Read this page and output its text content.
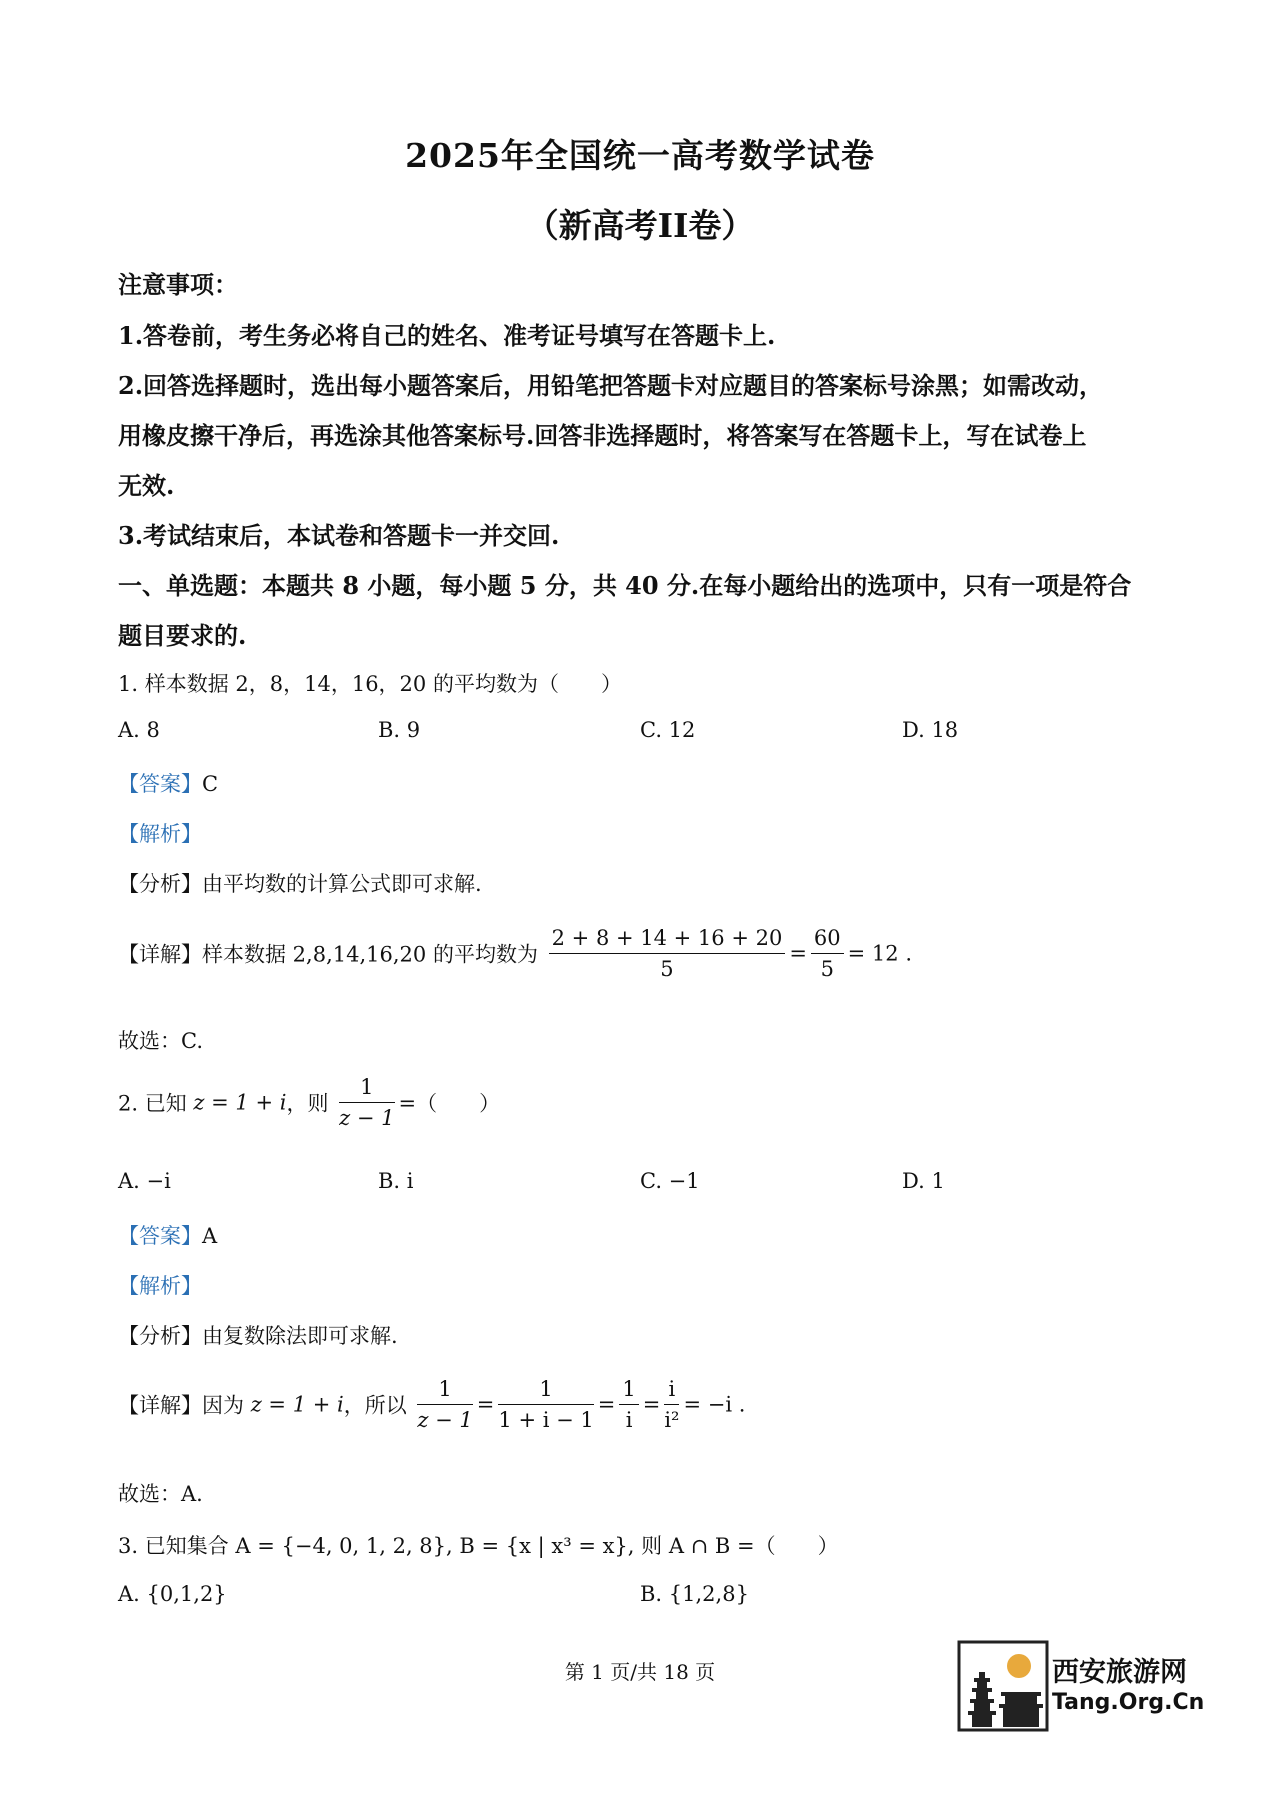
2025年全国统一高考数学试卷
（新高考II卷）
注意事项：
1.答卷前，考生务必将自己的姓名、准考证号填写在答题卡上.
2.回答选择题时，选出每小题答案后，用铅笔把答题卡对应题目的答案标号涂黑；如需改动，
用橡皮擦干净后，再选涂其他答案标号.回答非选择题时，将答案写在答题卡上，写在试卷上
无效.
3.考试结束后，本试卷和答题卡一并交回.
一、单选题：本题共 8 小题，每小题 5 分，共 40 分.在每小题给出的选项中，只有一项是符合
题目要求的.
1. 样本数据 2，8，14，16，20 的平均数为（　　）
A. 8	B. 9	C. 12	D. 18
【答案】C
【解析】
【分析】由平均数的计算公式即可求解.
【详解】样本数据 2,8,14,16,20 的平均数为 $\frac{2 + 8 + 14 + 16 + 20}{5} = \frac{60}{5} = 12$ .
故选：C.
2. 已知 z = 1 + i，则 $\frac{1}{z - 1}$ =（　　）
A. −i	B. i	C. −1	D. 1
【答案】A
【解析】
【分析】由复数除法即可求解.
【详解】因为 z = 1 + i，所以 $\frac{1}{z - 1} = \frac{1}{1 + i - 1} = \frac{1}{i} = \frac{i}{\text{i²}} = -i$ .
故选：A.
3. 已知集合 A = {−4, 0, 1, 2, 8}, B = {x | x³ = x}, 则 A ∩ B =（　　）
A. {0,1,2}	B. {1,2,8}
第 1 页/共 18 页	西安旅游网
Tang.Org.Cn
